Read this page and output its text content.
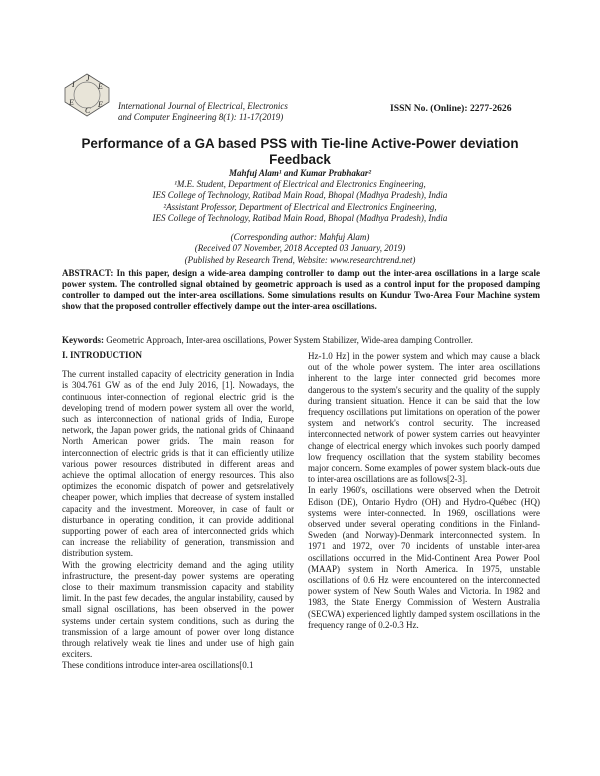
I
J
E
E
C
E International Journal of Electrical, Electronics
and Computer Engineering 8(1): 11-17(2019)
ISSN No. (Online): 2277-2626
Performance of a GA based PSS with Tie-line Active-Power deviation Feedback
Mahfuj Alam¹ and Kumar Prabhakar²
¹M.E. Student, Department of Electrical and Electronics Engineering,
IES College of Technology, Ratibad Main Road, Bhopal (Madhya Pradesh), India
²Assistant Professor, Department of Electrical and Electronics Engineering,
IES College of Technology, Ratibad Main Road, Bhopal (Madhya Pradesh), India
(Corresponding author: Mahfuj Alam)
(Received 07 November, 2018 Accepted 03 January, 2019)
(Published by Research Trend, Website: www.researchtrend.net)
ABSTRACT: In this paper, design a wide-area damping controller to damp out the inter-area oscillations in a large scale power system. The controlled signal obtained by geometric approach is used as a control input for the proposed damping controller to damped out the inter-area oscillations. Some simulations results on Kundur Two-Area Four Machine system show that the proposed controller effectively dampe out the inter-area oscillations.
Keywords: Geometric Approach, Inter-area oscillations, Power System Stabilizer, Wide-area damping Controller.

I. INTRODUCTION

The current installed capacity of electricity generation in India is 304.761 GW as of the end July 2016, [1]. Nowadays, the continuous inter-connection of regional electric grid is the developing trend of modern power system all over the world, such as interconnection of national grids of India, Europe network, the Japan power grids, the national grids of Chinaand North American power grids. The main reason for interconnection of electric grids is that it can efficiently utilize various power resources distributed in different areas and achieve the optimal allocation of energy resources. This also optimizes the economic dispatch of power and getsrelatively cheaper power, which implies that decrease of system installed capacity and the investment. Moreover, in case of fault or disturbance in operating condition, it can provide additional supporting power of each area of interconnected grids which can increase the reliability of generation, transmission and distribution system.

With the growing electricity demand and the aging utility infrastructure, the present-day power systems are operating close to their maximum transmission capacity and stability limit. In the past few decades, the angular instability, caused by small signal oscillations, has been observed in the power systems under certain system conditions, such as during the transmission of a large amount of power over long distance through relatively weak tie lines and under use of high gain exciters.

These conditions introduce inter-area oscillations[0.1

Hz-1.0 Hz] in the power system and which may cause a black out of the whole power system. The inter area oscillations inherent to the large inter connected grid becomes more dangerous to the system's security and the quality of the supply during transient situation. Hence it can be said that the low frequency oscillations put limitations on operation of the power system and network's control security. The increased interconnected network of power system carries out heavyinter change of electrical energy which invokes such poorly damped low frequency oscillation that the system stability becomes major concern. Some examples of power system black-outs due to inter-area oscillations are as follows[2-3].

In early 1960's, oscillations were observed when the Detroit Edison (DE), Ontario Hydro (OH) and Hydro-Québec (HQ) systems were inter-connected. In 1969, oscillations were observed under several operating conditions in the Finland-Sweden (and Norway)-Denmark interconnected system. In 1971 and 1972, over 70 incidents of unstable inter-area oscillations occurred in the Mid-Continent Area Power Pool (MAAP) system in North America. In 1975, unstable oscillations of 0.6 Hz were encountered on the interconnected power system of New South Wales and Victoria. In 1982 and 1983, the State Energy Commission of Western Australia (SECWA) experienced lightly damped system oscillations in the frequency range of 0.2-0.3 Hz.
